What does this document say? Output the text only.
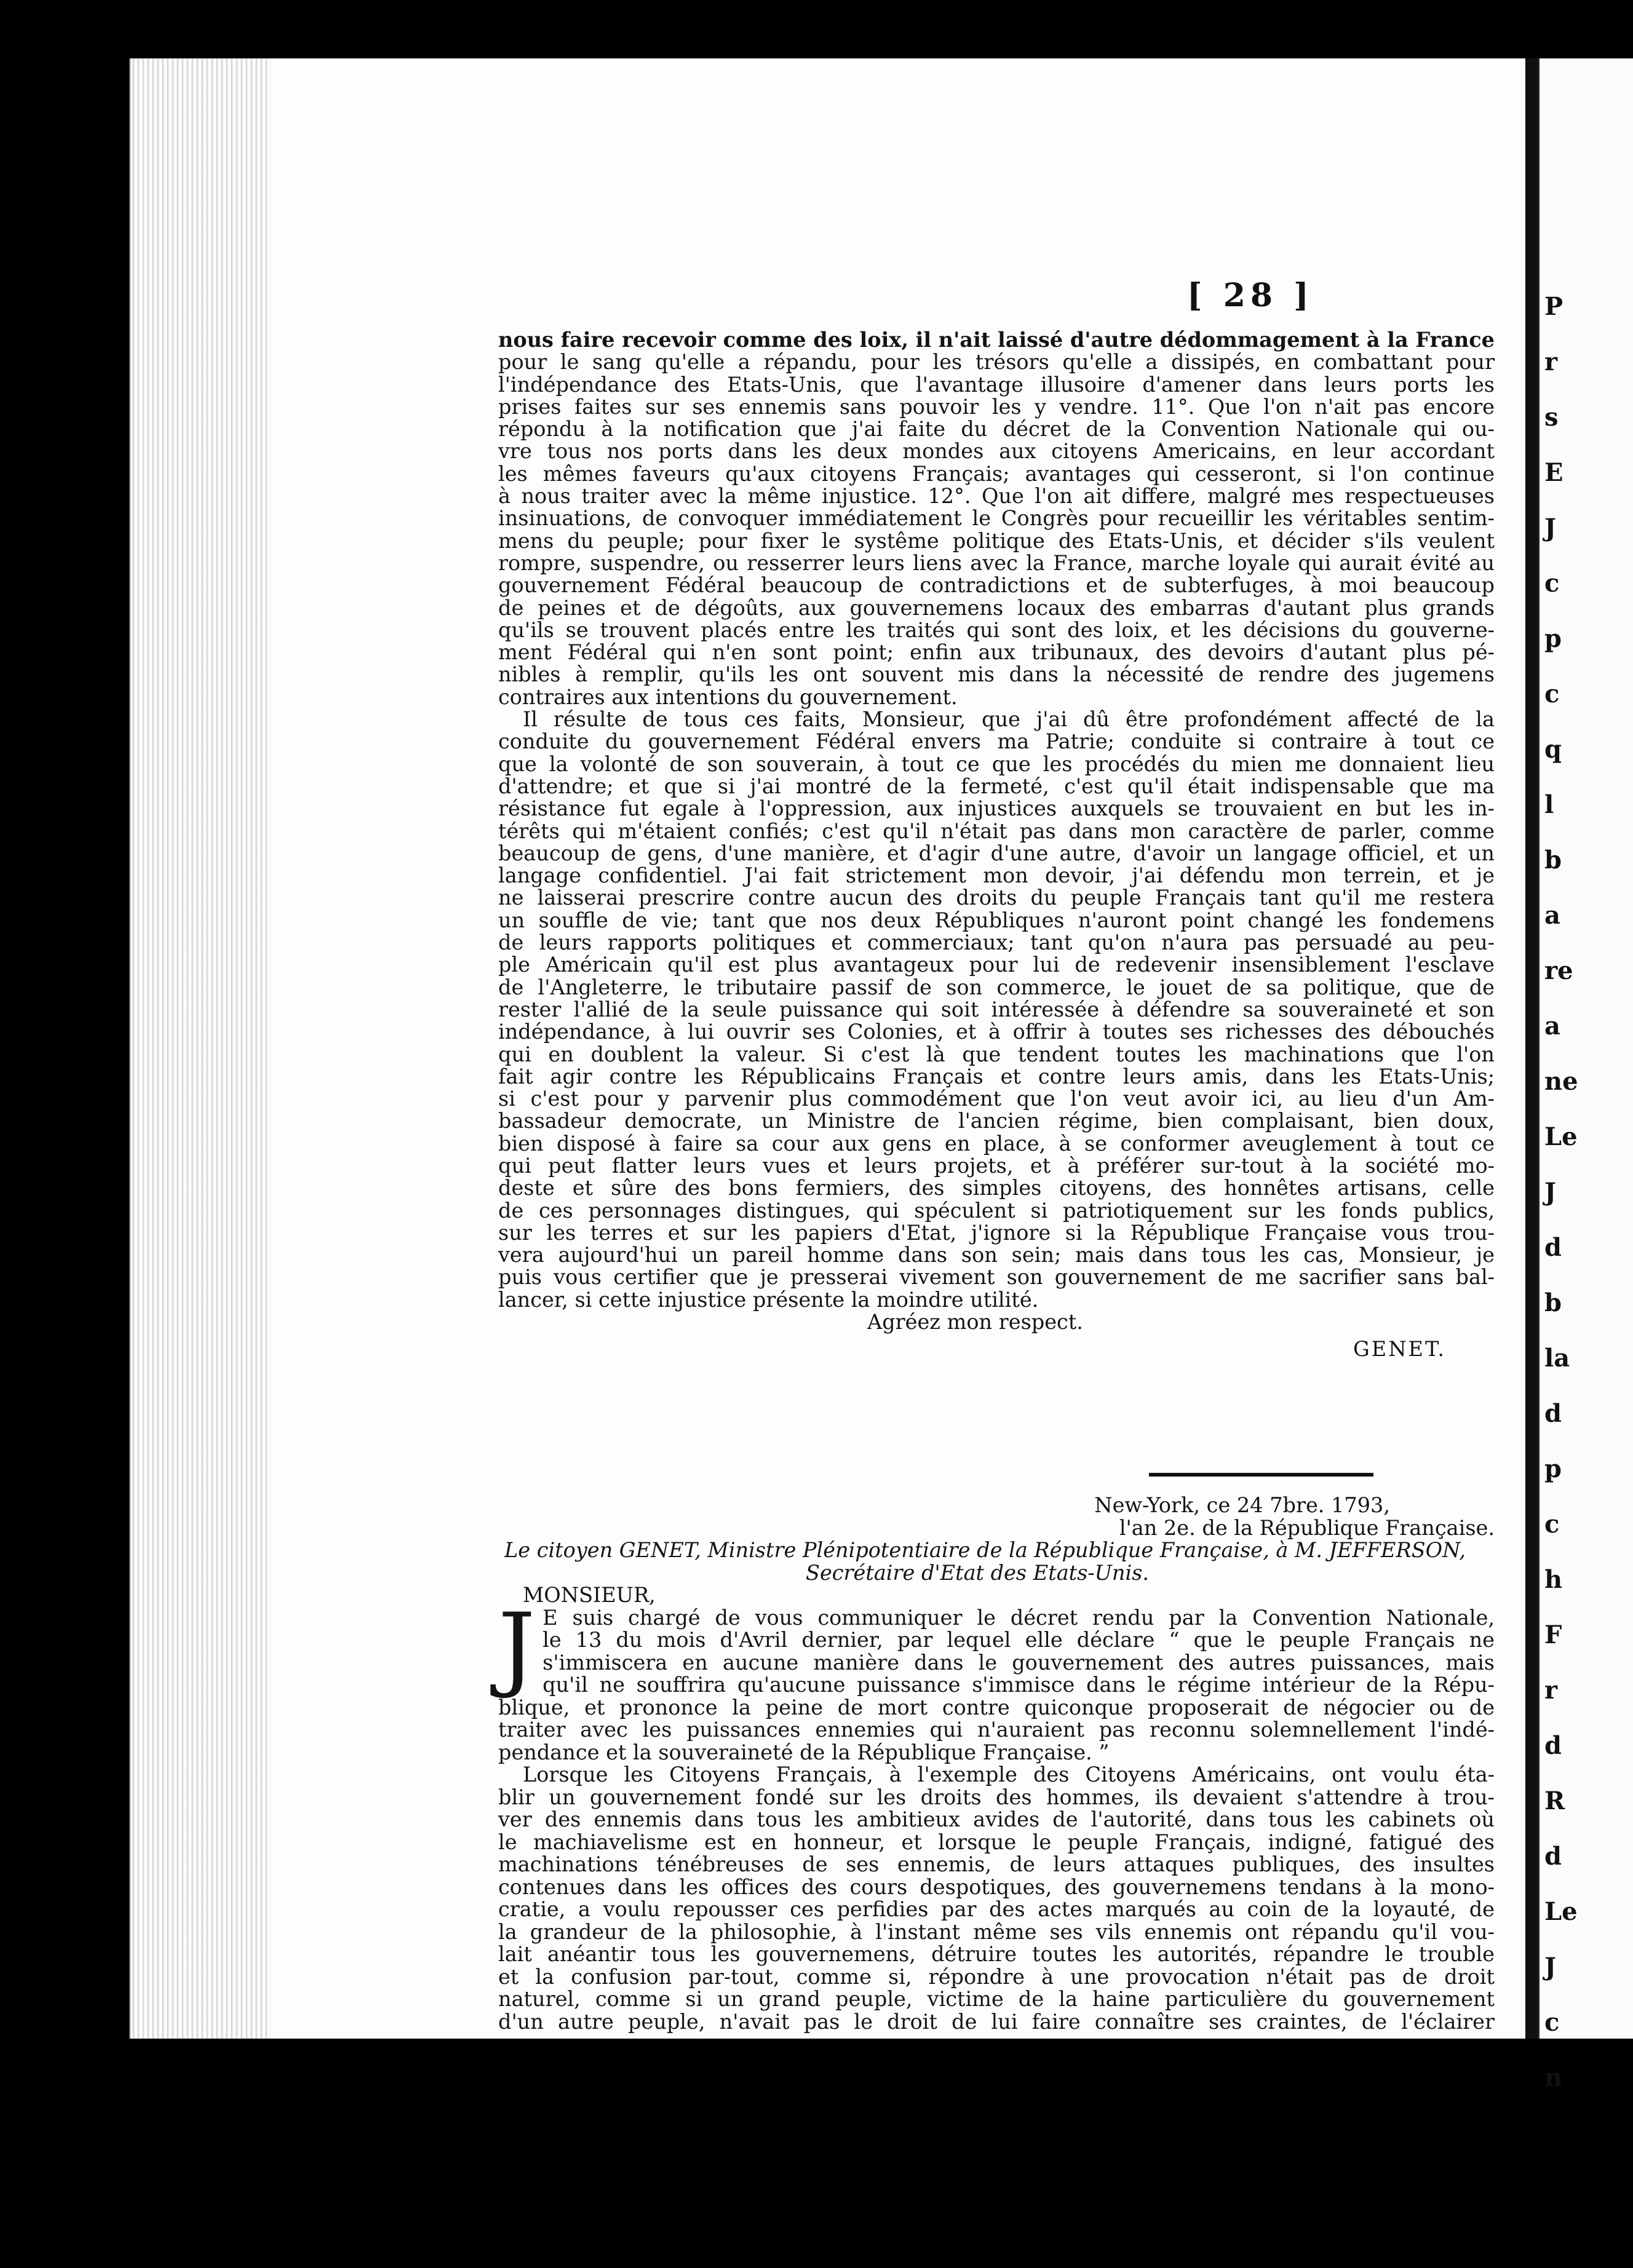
[ 28 ]
nous faire recevoir comme des loix, il n'ait laissé d'autre dédommagement à la France
pour le sang qu'elle a répandu, pour les trésors qu'elle a dissipés, en combattant pour
l'indépendance des Etats-Unis, que l'avantage illusoire d'amener dans leurs ports les
prises faites sur ses ennemis sans pouvoir les y vendre. 11°. Que l'on n'ait pas encore
répondu à la notification que j'ai faite du décret de la Convention Nationale qui ou-
vre tous nos ports dans les deux mondes aux citoyens Americains, en leur accordant
les mêmes faveurs qu'aux citoyens Français; avantages qui cesseront, si l'on continue
à nous traiter avec la même injustice. 12°. Que l'on ait differe, malgré mes respectueuses
insinuations, de convoquer immédiatement le Congrès pour recueillir les véritables sentim-
mens du peuple; pour fixer le systême politique des Etats-Unis, et décider s'ils veulent
rompre, suspendre, ou resserrer leurs liens avec la France, marche loyale qui aurait évité au
gouvernement Fédéral beaucoup de contradictions et de subterfuges, à moi beaucoup
de peines et de dégoûts, aux gouvernemens locaux des embarras d'autant plus grands
qu'ils se trouvent placés entre les traités qui sont des loix, et les décisions du gouverne-
ment Fédéral qui n'en sont point; enfin aux tribunaux, des devoirs d'autant plus pé-
nibles à remplir, qu'ils les ont souvent mis dans la nécessité de rendre des jugemens
contraires aux intentions du gouvernement.
Il résulte de tous ces faits, Monsieur, que j'ai dû être profondément affecté de la
conduite du gouvernement Fédéral envers ma Patrie; conduite si contraire à tout ce
que la volonté de son souverain, à tout ce que les procédés du mien me donnaient lieu
d'attendre; et que si j'ai montré de la fermeté, c'est qu'il était indispensable que ma
résistance fut egale à l'oppression, aux injustices auxquels se trouvaient en but les in-
térêts qui m'étaient confiés; c'est qu'il n'était pas dans mon caractère de parler, comme
beaucoup de gens, d'une manière, et d'agir d'une autre, d'avoir un langage officiel, et un
langage confidentiel. J'ai fait strictement mon devoir, j'ai défendu mon terrein, et je
ne laisserai prescrire contre aucun des droits du peuple Français tant qu'il me restera
un souffle de vie; tant que nos deux Républiques n'auront point changé les fondemens
de leurs rapports politiques et commerciaux; tant qu'on n'aura pas persuadé au peu-
ple Américain qu'il est plus avantageux pour lui de redevenir insensiblement l'esclave
de l'Angleterre, le tributaire passif de son commerce, le jouet de sa politique, que de
rester l'allié de la seule puissance qui soit intéressée à défendre sa souveraineté et son
indépendance, à lui ouvrir ses Colonies, et à offrir à toutes ses richesses des débouchés
qui en doublent la valeur. Si c'est là que tendent toutes les machinations que l'on
fait agir contre les Républicains Français et contre leurs amis, dans les Etats-Unis;
si c'est pour y parvenir plus commodément que l'on veut avoir ici, au lieu d'un Am-
bassadeur democrate, un Ministre de l'ancien régime, bien complaisant, bien doux,
bien disposé à faire sa cour aux gens en place, à se conformer aveuglement à tout ce
qui peut flatter leurs vues et leurs projets, et à préférer sur-tout à la société mo-
deste et sûre des bons fermiers, des simples citoyens, des honnêtes artisans, celle
de ces personnages distingues, qui spéculent si patriotiquement sur les fonds publics,
sur les terres et sur les papiers d'Etat, j'ignore si la République Française vous trou-
vera aujourd'hui un pareil homme dans son sein; mais dans tous les cas, Monsieur, je
puis vous certifier que je presserai vivement son gouvernement de me sacrifier sans bal-
lancer, si cette injustice présente la moindre utilité.
Agréez mon respect.
GENET.
New-York, ce 24 7bre. 1793,
l'an 2e. de la République Française.
Le citoyen GENET, Ministre Plénipotentiaire de la République Française, à M. JEFFERSON,
Secrétaire d'Etat des Etats-Unis.
MONSIEUR,
J E suis chargé de vous communiquer le décret rendu par la Convention Nationale,
le 13 du mois d'Avril dernier, par lequel elle déclare “ que le peuple Français ne
s'immiscera en aucune manière dans le gouvernement des autres puissances, mais
qu'il ne souffrira qu'aucune puissance s'immisce dans le régime intérieur de la Répu-
blique, et prononce la peine de mort contre quiconque proposerait de négocier ou de
traiter avec les puissances ennemies qui n'auraient pas reconnu solemnellement l'indé-
pendance et la souveraineté de la République Française. ”
Lorsque les Citoyens Français, à l'exemple des Citoyens Américains, ont voulu éta-
blir un gouvernement fondé sur les droits des hommes, ils devaient s'attendre à trou-
ver des ennemis dans tous les ambitieux avides de l'autorité, dans tous les cabinets où
le machiavelisme est en honneur, et lorsque le peuple Français, indigné, fatigué des
machinations ténébreuses de ses ennemis, de leurs attaques publiques, des insultes
contenues dans les offices des cours despotiques, des gouvernemens tendans à la mono-
cratie, a voulu repousser ces perfidies par des actes marqués au coin de la loyauté, de
la grandeur de la philosophie, à l'instant même ses vils ennemis ont répandu qu'il vou-
lait anéantir tous les gouvernemens, détruire toutes les autorités, répandre le trouble
et la confusion par-tout, comme si, répondre à une provocation n'était pas de droit
naturel, comme si un grand peuple, victime de la haine particulière du gouvernement
d'un autre peuple, n'avait pas le droit de lui faire connaître ses craintes, de l'éclairer
P
r
s
E
J
c
p
c
q
l
b
a
re
a
ne
Le
J
d
b
la
d
p
c
h
F
r
d
R
d
Le
J
c
n
